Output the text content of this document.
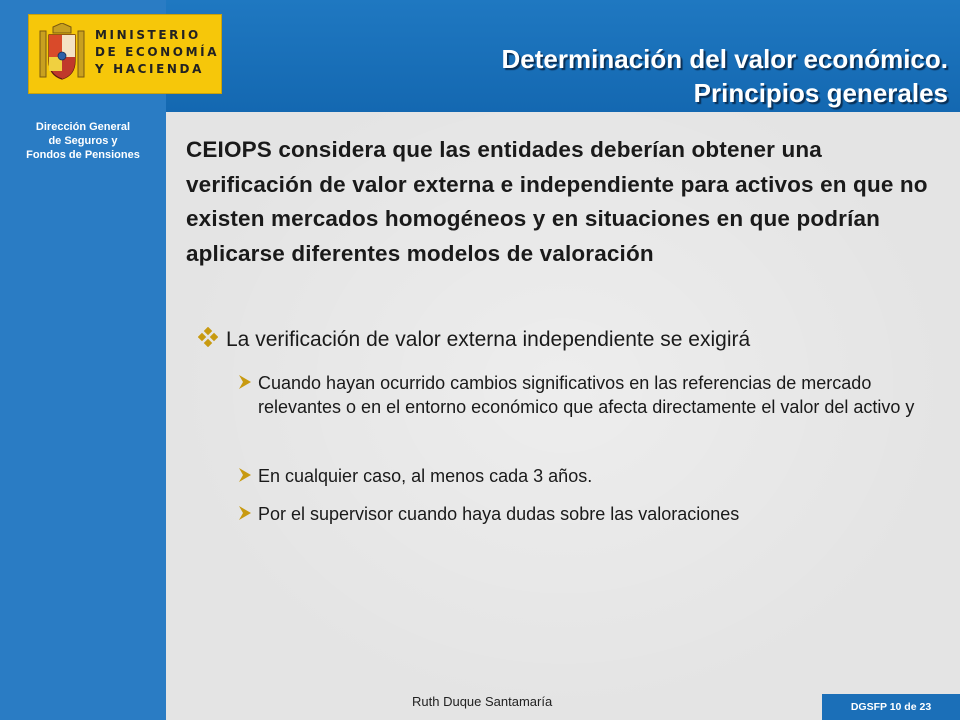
MINISTERIO
DE ECONOMÍA
Y HACIENDA
Dirección General
de Seguros y
Fondos de Pensiones
Determinación del valor económico.
Principios generales
CEIOPS considera que las entidades deberían obtener una verificación de valor externa e independiente para activos en que no existen mercados homogéneos y en situaciones en que podrían aplicarse diferentes modelos de valoración
La verificación de valor externa independiente se exigirá
Cuando hayan ocurrido cambios significativos en las referencias de mercado relevantes o en el entorno económico que afecta directamente el valor del activo y
En cualquier caso, al menos cada 3 años.
Por el supervisor cuando haya dudas sobre las valoraciones
Ruth Duque Santamaría	DGSFP 10 de 23
